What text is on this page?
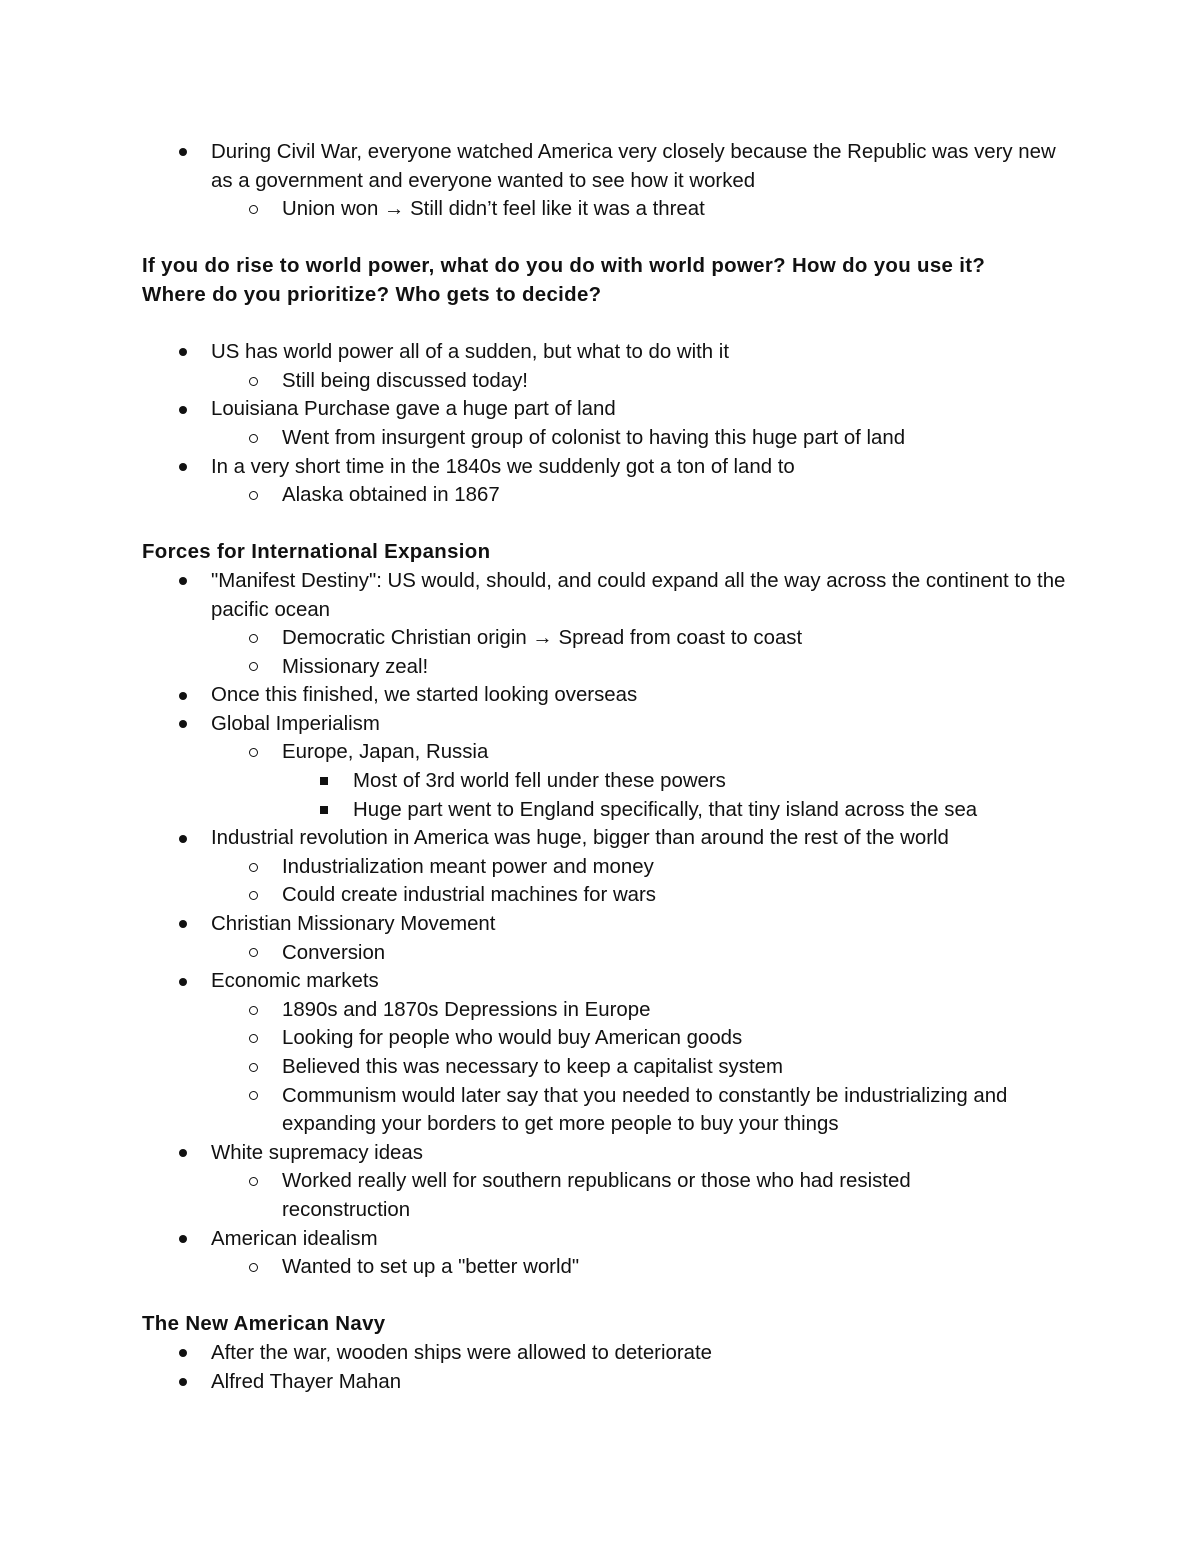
During Civil War, everyone watched America very closely because the Republic was very new as a government and everyone wanted to see how it worked
Union won → Still didn’t feel like it was a threat

If you do rise to world power, what do you do with world power? How do you use it?
Where do you prioritize? Who gets to decide?

US has world power all of a sudden, but what to do with it
Still being discussed today!
Louisiana Purchase gave a huge part of land
Went from insurgent group of colonist to having this huge part of land
In a very short time in the 1840s we suddenly got a ton of land to
Alaska obtained in 1867

Forces for International Expansion

"Manifest Destiny": US would, should, and could expand all the way across the continent to the pacific ocean
Democratic Christian origin → Spread from coast to coast
Missionary zeal!
Once this finished, we started looking overseas
Global Imperialism
Europe, Japan, Russia
Most of 3rd world fell under these powers
Huge part went to England specifically, that tiny island across the sea
Industrial revolution in America was huge, bigger than around the rest of the world
Industrialization meant power and money
Could create industrial machines for wars
Christian Missionary Movement
Conversion
Economic markets
1890s and 1870s Depressions in Europe
Looking for people who would buy American goods
Believed this was necessary to keep a capitalist system
Communism would later say that you needed to constantly be industrializing and expanding your borders to get more people to buy your things
White supremacy ideas
Worked really well for southern republicans or those who had resisted reconstruction
American idealism
Wanted to set up a "better world"

The New American Navy

After the war, wooden ships were allowed to deteriorate
Alfred Thayer Mahan
